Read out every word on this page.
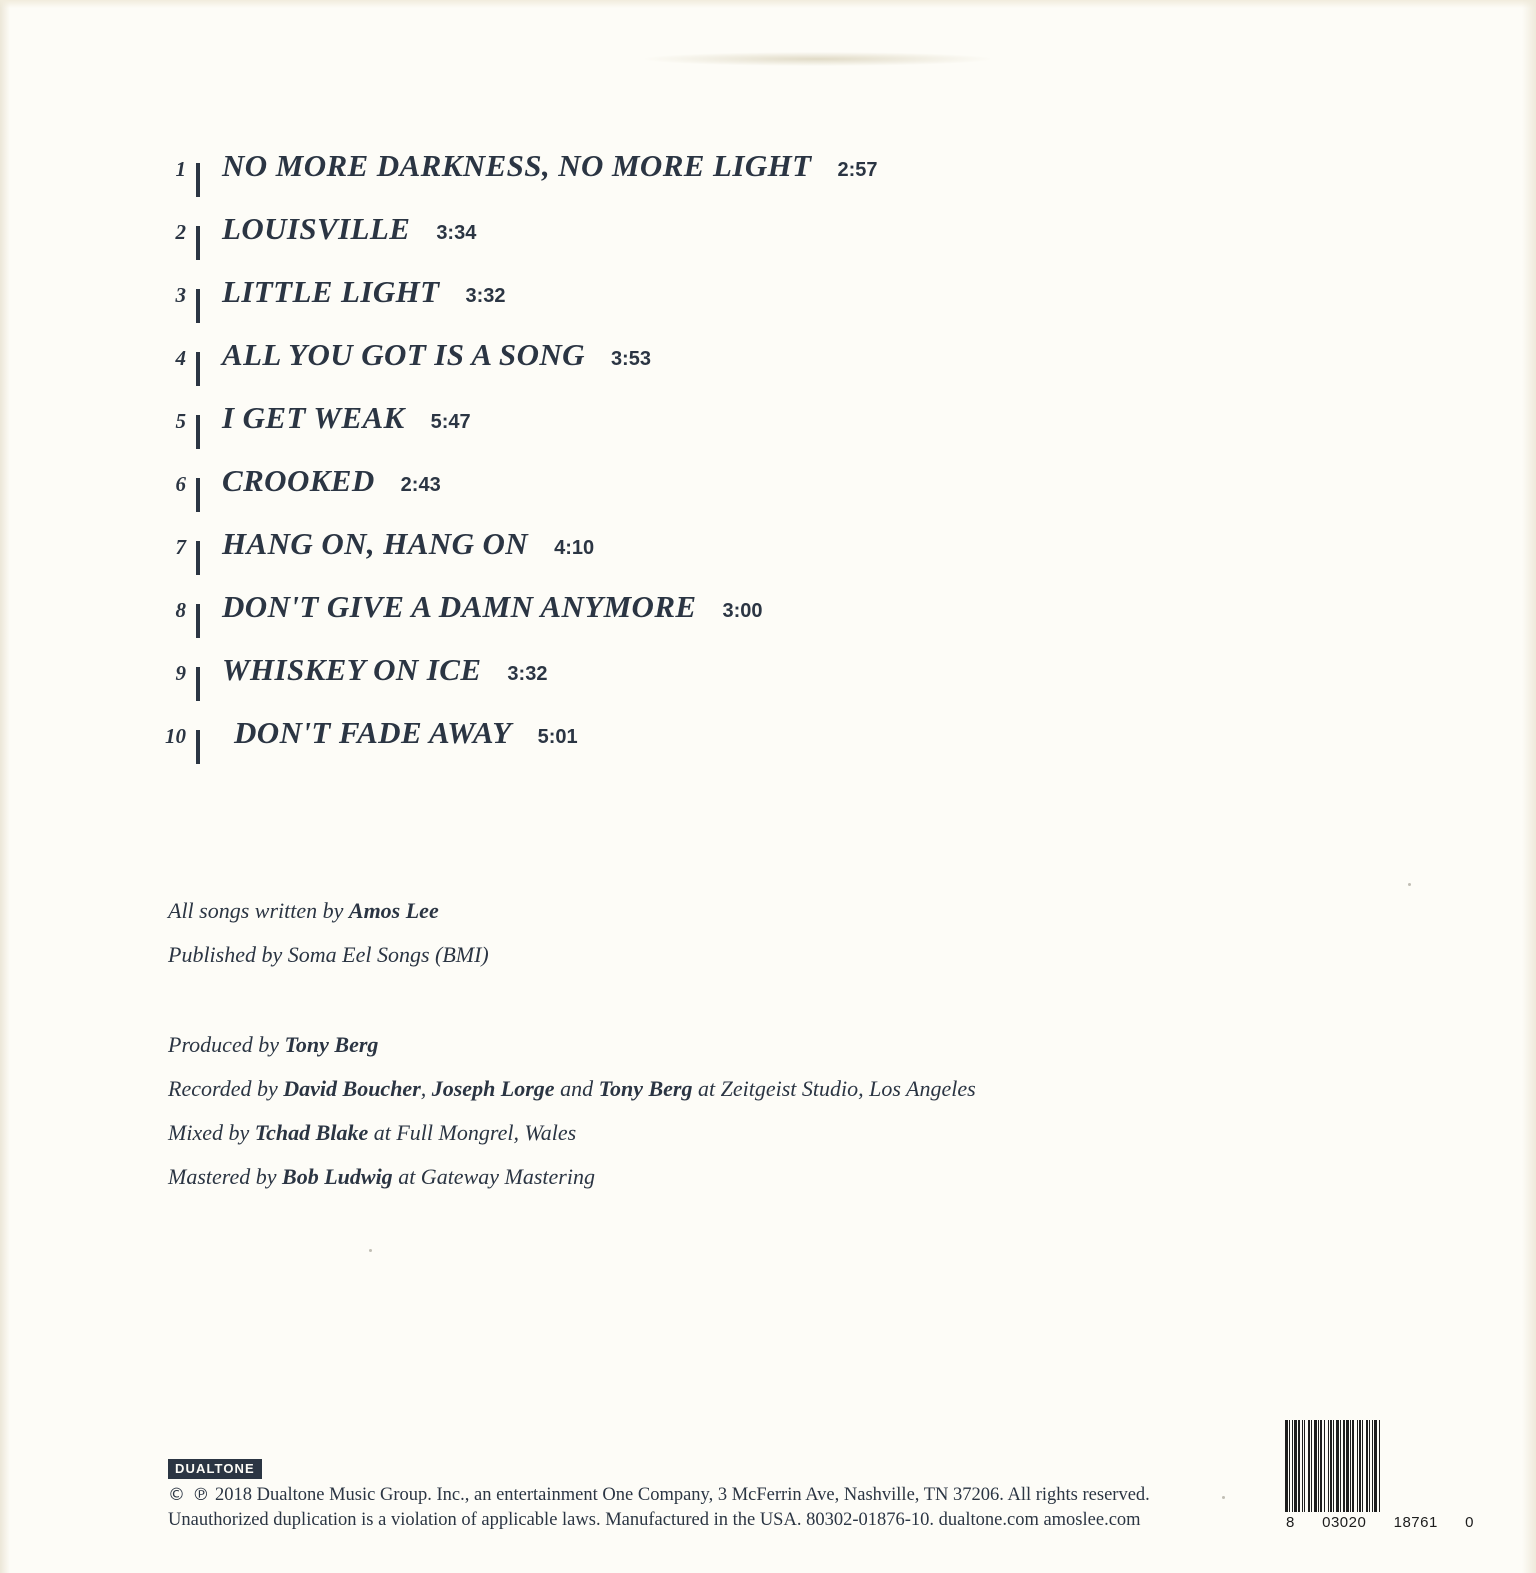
1	NO MORE DARKNESS, NO MORE LIGHT 2:57
2	LOUISVILLE 3:34
3	LITTLE LIGHT 3:32
4	ALL YOU GOT IS A SONG 3:53
5	I GET WEAK 5:47
6	CROOKED 2:43
7	HANG ON, HANG ON 4:10
8	DON'T GIVE A DAMN ANYMORE 3:00
9	WHISKEY ON ICE 3:32
10	DON'T FADE AWAY 5:01
All songs written by Amos Lee
Published by Soma Eel Songs (BMI)
Produced by Tony Berg
Recorded by David Boucher, Joseph Lorge and Tony Berg at Zeitgeist Studio, Los Angeles
Mixed by Tchad Blake at Full Mongrel, Wales
Mastered by Bob Ludwig at Gateway Mastering
DUALTONE
© ℗ 2018 Dualtone Music Group. Inc., an entertainment One Company, 3 McFerrin Ave, Nashville, TN 37206. All rights reserved.
Unauthorized duplication is a violation of applicable laws. Manufactured in the USA. 80302-01876-10. dualtone.com amoslee.com	8 03020 18761 0
